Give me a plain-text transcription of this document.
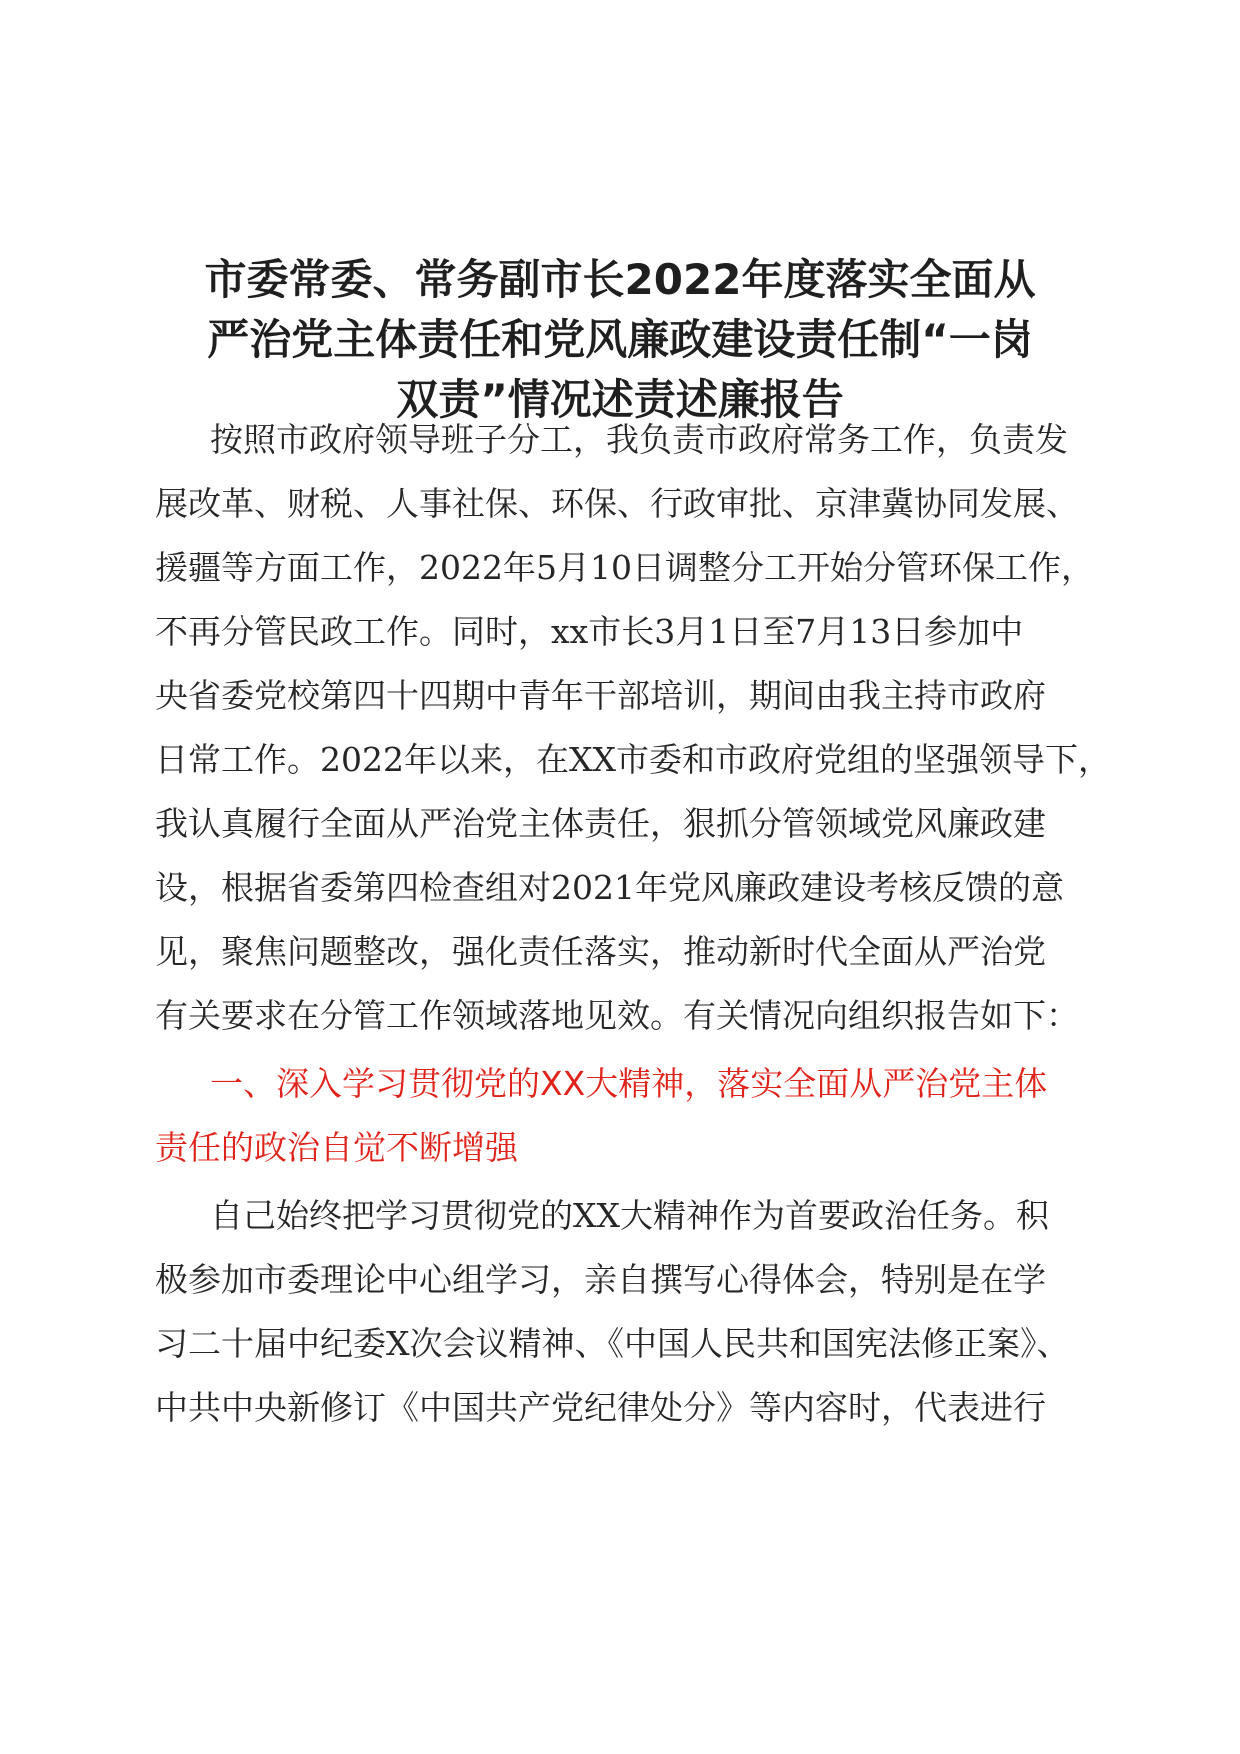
市委常委、常务副市长2022年度落实全面从
严治党主体责任和党风廉政建设责任制“一岗
双责”情况述责述廉报告
按照市政府领导班子分工，我负责市政府常务工作，负责发
展改革、财税、人事社保、环保、行政审批、京津冀协同发展、
援疆等方面工作，2022年5月10日调整分工开始分管环保工作，
不再分管民政工作。同时，xx市长3月1日至7月13日参加中
央省委党校第四十四期中青年干部培训，期间由我主持市政府
日常工作。2022年以来，在XX市委和市政府党组的坚强领导下，
我认真履行全面从严治党主体责任，狠抓分管领域党风廉政建
设，根据省委第四检查组对2021年党风廉政建设考核反馈的意
见，聚焦问题整改，强化责任落实，推动新时代全面从严治党
有关要求在分管工作领域落地见效。有关情况向组织报告如下：
一、深入学习贯彻党的XX大精神，落实全面从严治党主体
责任的政治自觉不断增强
自己始终把学习贯彻党的XX大精神作为首要政治任务。积
极参加市委理论中心组学习，亲自撰写心得体会，特别是在学
习二十届中纪委X次会议精神、《中国人民共和国宪法修正案》、
中共中央新修订《中国共产党纪律处分》等内容时，代表进行
